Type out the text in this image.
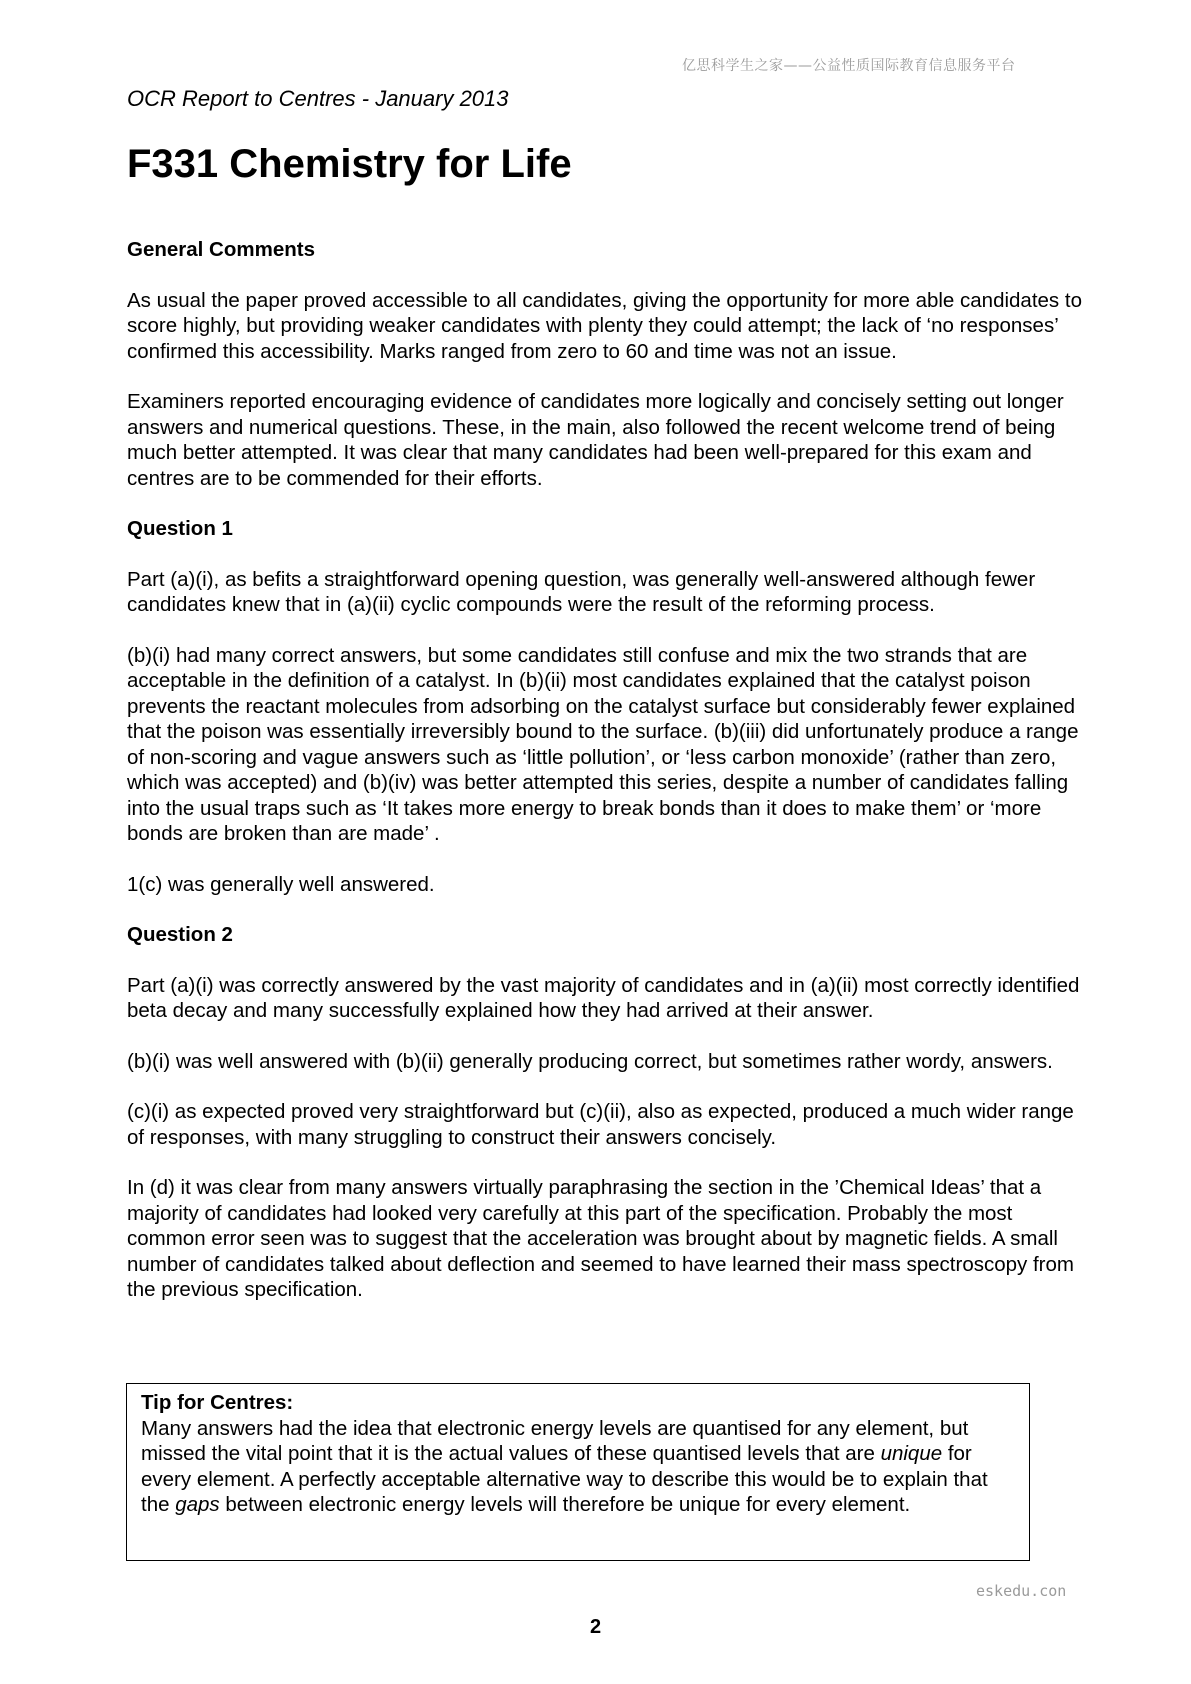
亿思科学生之家——公益性质国际教育信息服务平台
OCR Report to Centres - January 2013
F331 Chemistry for Life
General Comments

As usual the paper proved accessible to all candidates, giving the opportunity for more able candidates to score highly, but providing weaker candidates with plenty they could attempt; the lack of ‘no responses’ confirmed this accessibility. Marks ranged from zero to 60 and time was not an issue.

Examiners reported encouraging evidence of candidates more logically and concisely setting out longer answers and numerical questions. These, in the main, also followed the recent welcome trend of being much better attempted. It was clear that many candidates had been well-prepared for this exam and centres are to be commended for their efforts.

Question 1

Part (a)(i), as befits a straightforward opening question, was generally well-answered although fewer candidates knew that in (a)(ii) cyclic compounds were the result of the reforming process.

(b)(i) had many correct answers, but some candidates still confuse and mix the two strands that are acceptable in the definition of a catalyst. In (b)(ii) most candidates explained that the catalyst poison prevents the reactant molecules from adsorbing on the catalyst surface but considerably fewer explained that the poison was essentially irreversibly bound to the surface. (b)(iii) did unfortunately produce a range of non-scoring and vague answers such as ‘little pollution’, or ‘less carbon monoxide’ (rather than zero, which was accepted) and (b)(iv) was better attempted this series, despite a number of candidates falling into the usual traps such as ‘It takes more energy to break bonds than it does to make them’ or ‘more bonds are broken than are made’ .

1(c) was generally well answered.

Question 2

Part (a)(i) was correctly answered by the vast majority of candidates and in (a)(ii) most correctly identified beta decay and many successfully explained how they had arrived at their answer.

(b)(i) was well answered with (b)(ii) generally producing correct, but sometimes rather wordy, answers.

(c)(i) as expected proved very straightforward but (c)(ii), also as expected, produced a much wider range of responses, with many struggling to construct their answers concisely.

In (d) it was clear from many answers virtually paraphrasing the section in the ’Chemical Ideas’ that a majority of candidates had looked very carefully at this part of the specification. Probably the most common error seen was to suggest that the acceleration was brought about by magnetic fields. A small number of candidates talked about deflection and seemed to have learned their mass spectroscopy from the previous specification.

Tip for Centres:
Many answers had the idea that electronic energy levels are quantised for any element, but missed the vital point that it is the actual values of these quantised levels that are unique for every element. A perfectly acceptable alternative way to describe this would be to explain that the gaps between electronic energy levels will therefore be unique for every element.
eskedu.con
2
